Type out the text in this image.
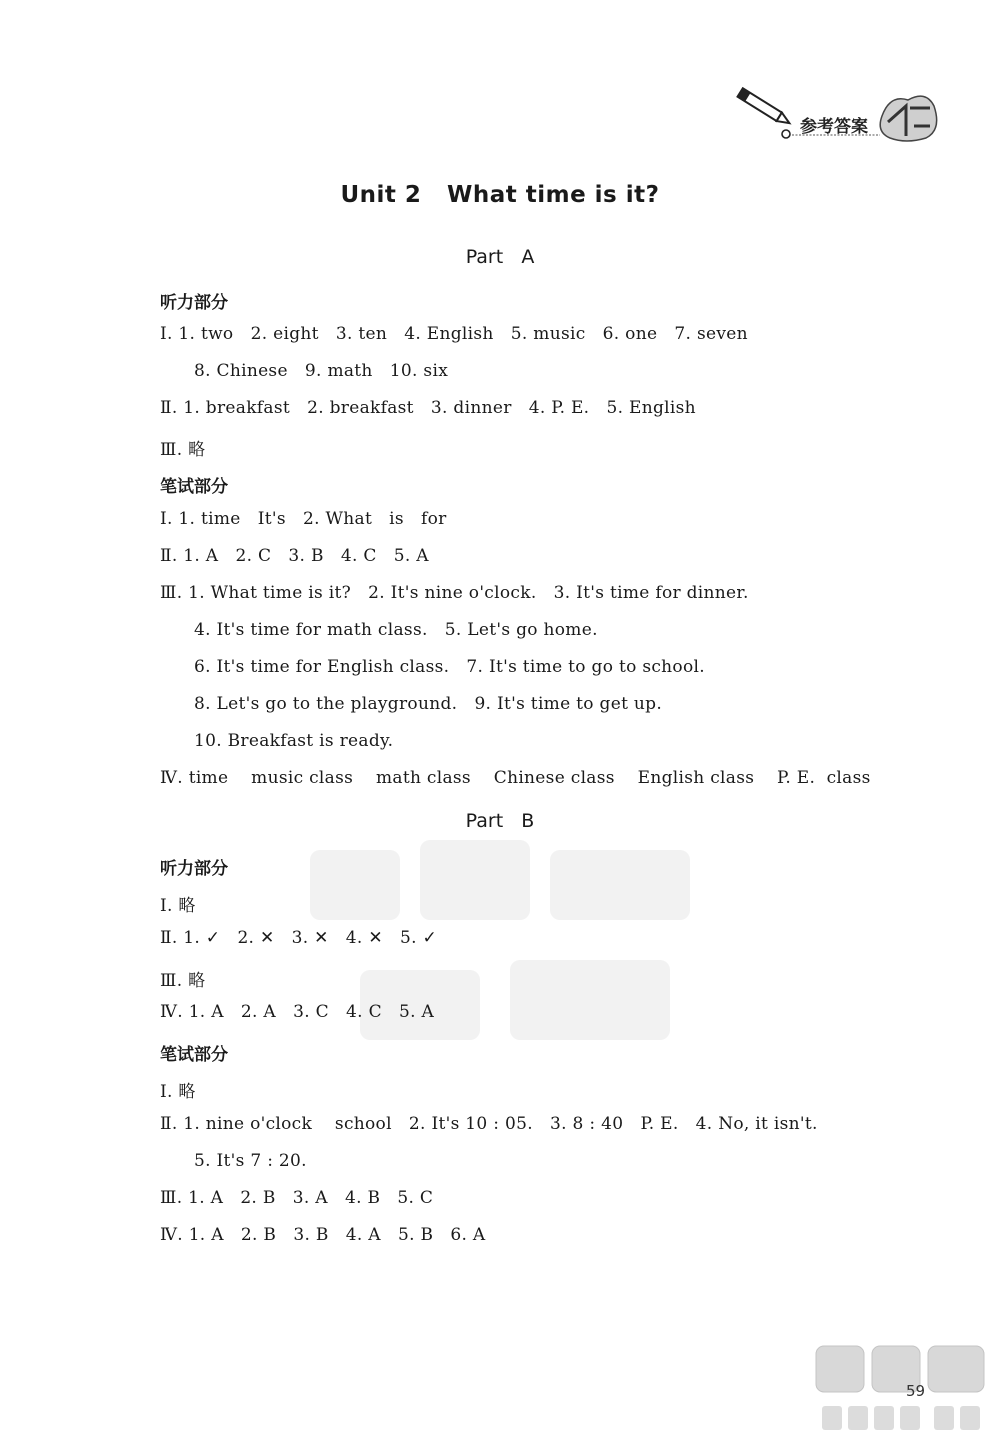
参考答案
Unit 2   What time is it?
Part   A
听力部分
Ⅰ. 1. two   2. eight   3. ten   4. English   5. music   6. one   7. seven
8. Chinese   9. math   10. six
Ⅱ. 1. breakfast   2. breakfast   3. dinner   4. P. E.   5. English
Ⅲ. 略
笔试部分
Ⅰ. 1. time   It's   2. What   is   for
Ⅱ. 1. A   2. C   3. B   4. C   5. A
Ⅲ. 1. What time is it?   2. It's nine o'clock.   3. It's time for dinner.
4. It's time for math class.   5. Let's go home.
6. It's time for English class.   7. It's time to go to school.
8. Let's go to the playground.   9. It's time to get up.
10. Breakfast is ready.
Ⅳ. time    music class    math class    Chinese class    English class    P. E.  class
Part   B
听力部分
Ⅰ. 略
Ⅱ. 1. ✓   2. ✕   3. ✕   4. ✕   5. ✓
Ⅲ. 略
Ⅳ. 1. A   2. A   3. C   4. C   5. A
笔试部分
Ⅰ. 略
Ⅱ. 1. nine o'clock    school   2. It's 10 : 05.   3. 8 : 40   P. E.   4. No, it isn't.
5. It's 7 : 20.
Ⅲ. 1. A   2. B   3. A   4. B   5. C
Ⅳ. 1. A   2. B   3. B   4. A   5. B   6. A
59
